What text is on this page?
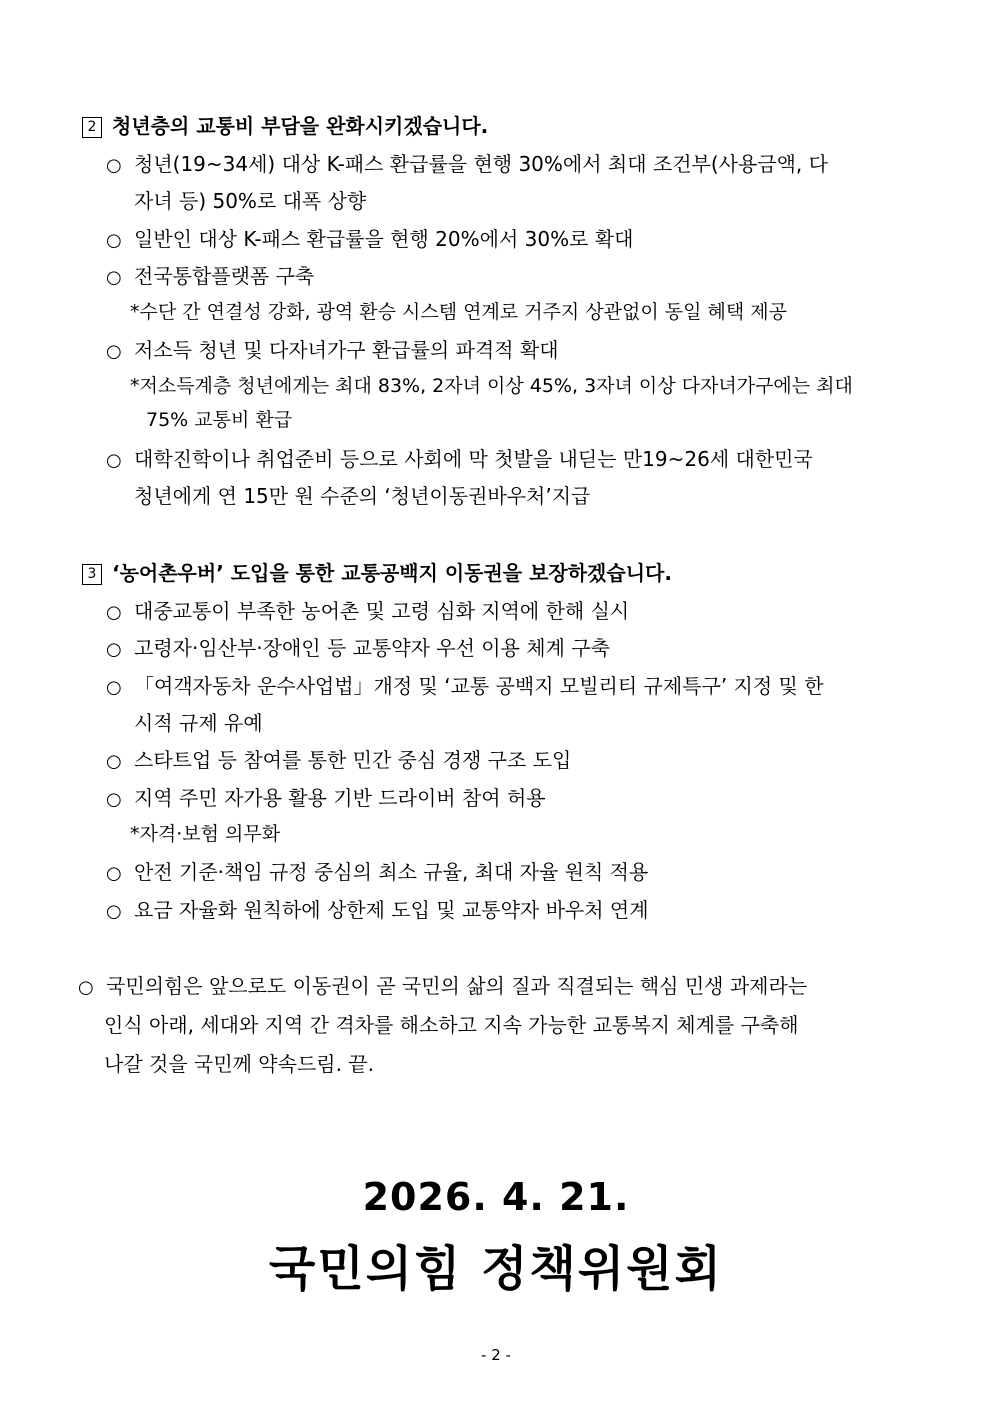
2 청년층의 교통비 부담을 완화시키겠습니다.
○ 청년(19~34세) 대상 K-패스 환급률을 현행 30%에서 최대 조건부(사용금액, 다
자녀 등) 50%로 대폭 상향
○ 일반인 대상 K-패스 환급률을 현행 20%에서 30%로 확대
○ 전국통합플랫폼 구축
*수단 간 연결성 강화, 광역 환승 시스템 연계로 거주지 상관없이 동일 혜택 제공
○ 저소득 청년 및 다자녀가구 환급률의 파격적 확대
*저소득계층 청년에게는 최대 83%, 2자녀 이상 45%, 3자녀 이상 다자녀가구에는 최대
75% 교통비 환급
○ 대학진학이나 취업준비 등으로 사회에 막 첫발을 내딛는 만19~26세 대한민국
청년에게 연 15만 원 수준의 ‘청년이동권바우처’지급
3 ‘농어촌우버’ 도입을 통한 교통공백지 이동권을 보장하겠습니다.
○ 대중교통이 부족한 농어촌 및 고령 심화 지역에 한해 실시
○ 고령자·임산부·장애인 등 교통약자 우선 이용 체계 구축
○ 「여객자동차 운수사업법」개정 및 ‘교통 공백지 모빌리티 규제특구’ 지정 및 한
시적 규제 유예
○ 스타트업 등 참여를 통한 민간 중심 경쟁 구조 도입
○ 지역 주민 자가용 활용 기반 드라이버 참여 허용
*자격·보험 의무화
○ 안전 기준·책임 규정 중심의 최소 규율, 최대 자율 원칙 적용
○ 요금 자율화 원칙하에 상한제 도입 및 교통약자 바우처 연계
○ 국민의힘은 앞으로도 이동권이 곧 국민의 삶의 질과 직결되는 핵심 민생 과제라는
인식 아래, 세대와 지역 간 격차를 해소하고 지속 가능한 교통복지 체계를 구축해
나갈 것을 국민께 약속드림. 끝.
2026. 4. 21.
국민의힘 정책위원회
- 2 -
